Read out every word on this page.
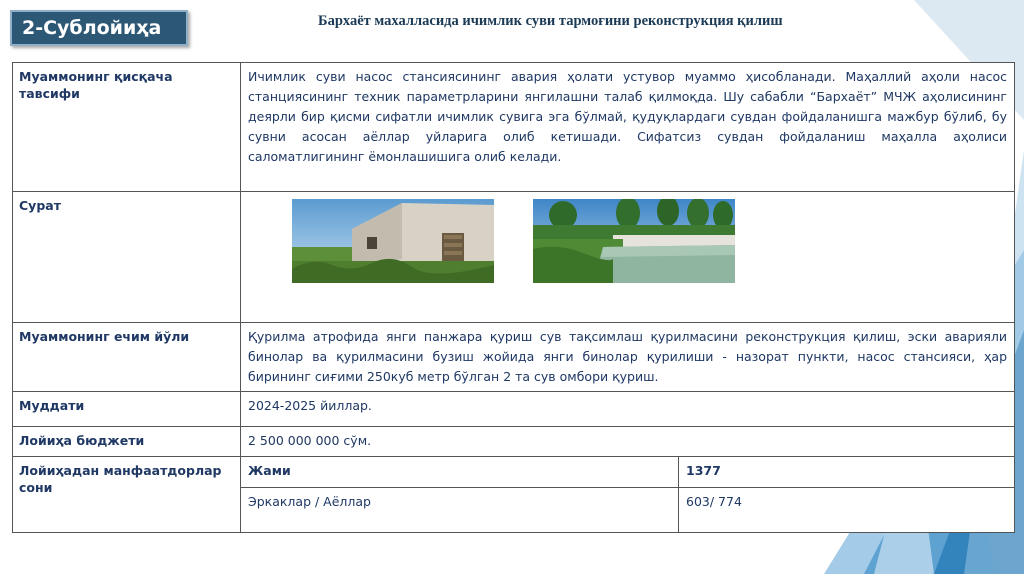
2-Сублойиҳа	Бархаёт махалласида ичимлик суви тармоғини реконструкция қилиш
Муаммонинг қисқача тавсифи	Ичимлик суви насос стансиясининг авария ҳолати устувор муаммо ҳисобланади. Маҳаллий аҳоли насос станциясининг техник параметрларини янгилашни талаб қилмоқда. Шу сабабли “Бархаёт” МЧЖ аҳолисининг деярли бир қисми сифатли ичимлик сувига эга бўлмай, қудуқлардаги сувдан фойдаланишга мажбур бўлиб, бу сувни асосан аёллар уйларига олиб кетишади. Сифатсиз сувдан фойдаланиш маҳалла аҳолиси саломатлигининг ёмонлашишига олиб келади.	
Сурат	

Муаммонинг ечим йўли	Қурилма атрофида янги панжара қуриш сув тақсимлаш қурилмасини реконструкция қилиш, эски аварияли бинолар ва қурилмасини бузиш жойида янги бинолар қурилиши - назорат пункти, насос стансияси, ҳар бирининг сиғими 250куб метр бўлган 2 та сув омбори қуриш.	
Муддати	2024-2025 йиллар.	
Лойиҳа бюджети	2 500 000 000 сўм.	
Лойиҳадан манфаатдорлар сони	Жами	1377
	Эркаклар / Аёллар	603/ 774
